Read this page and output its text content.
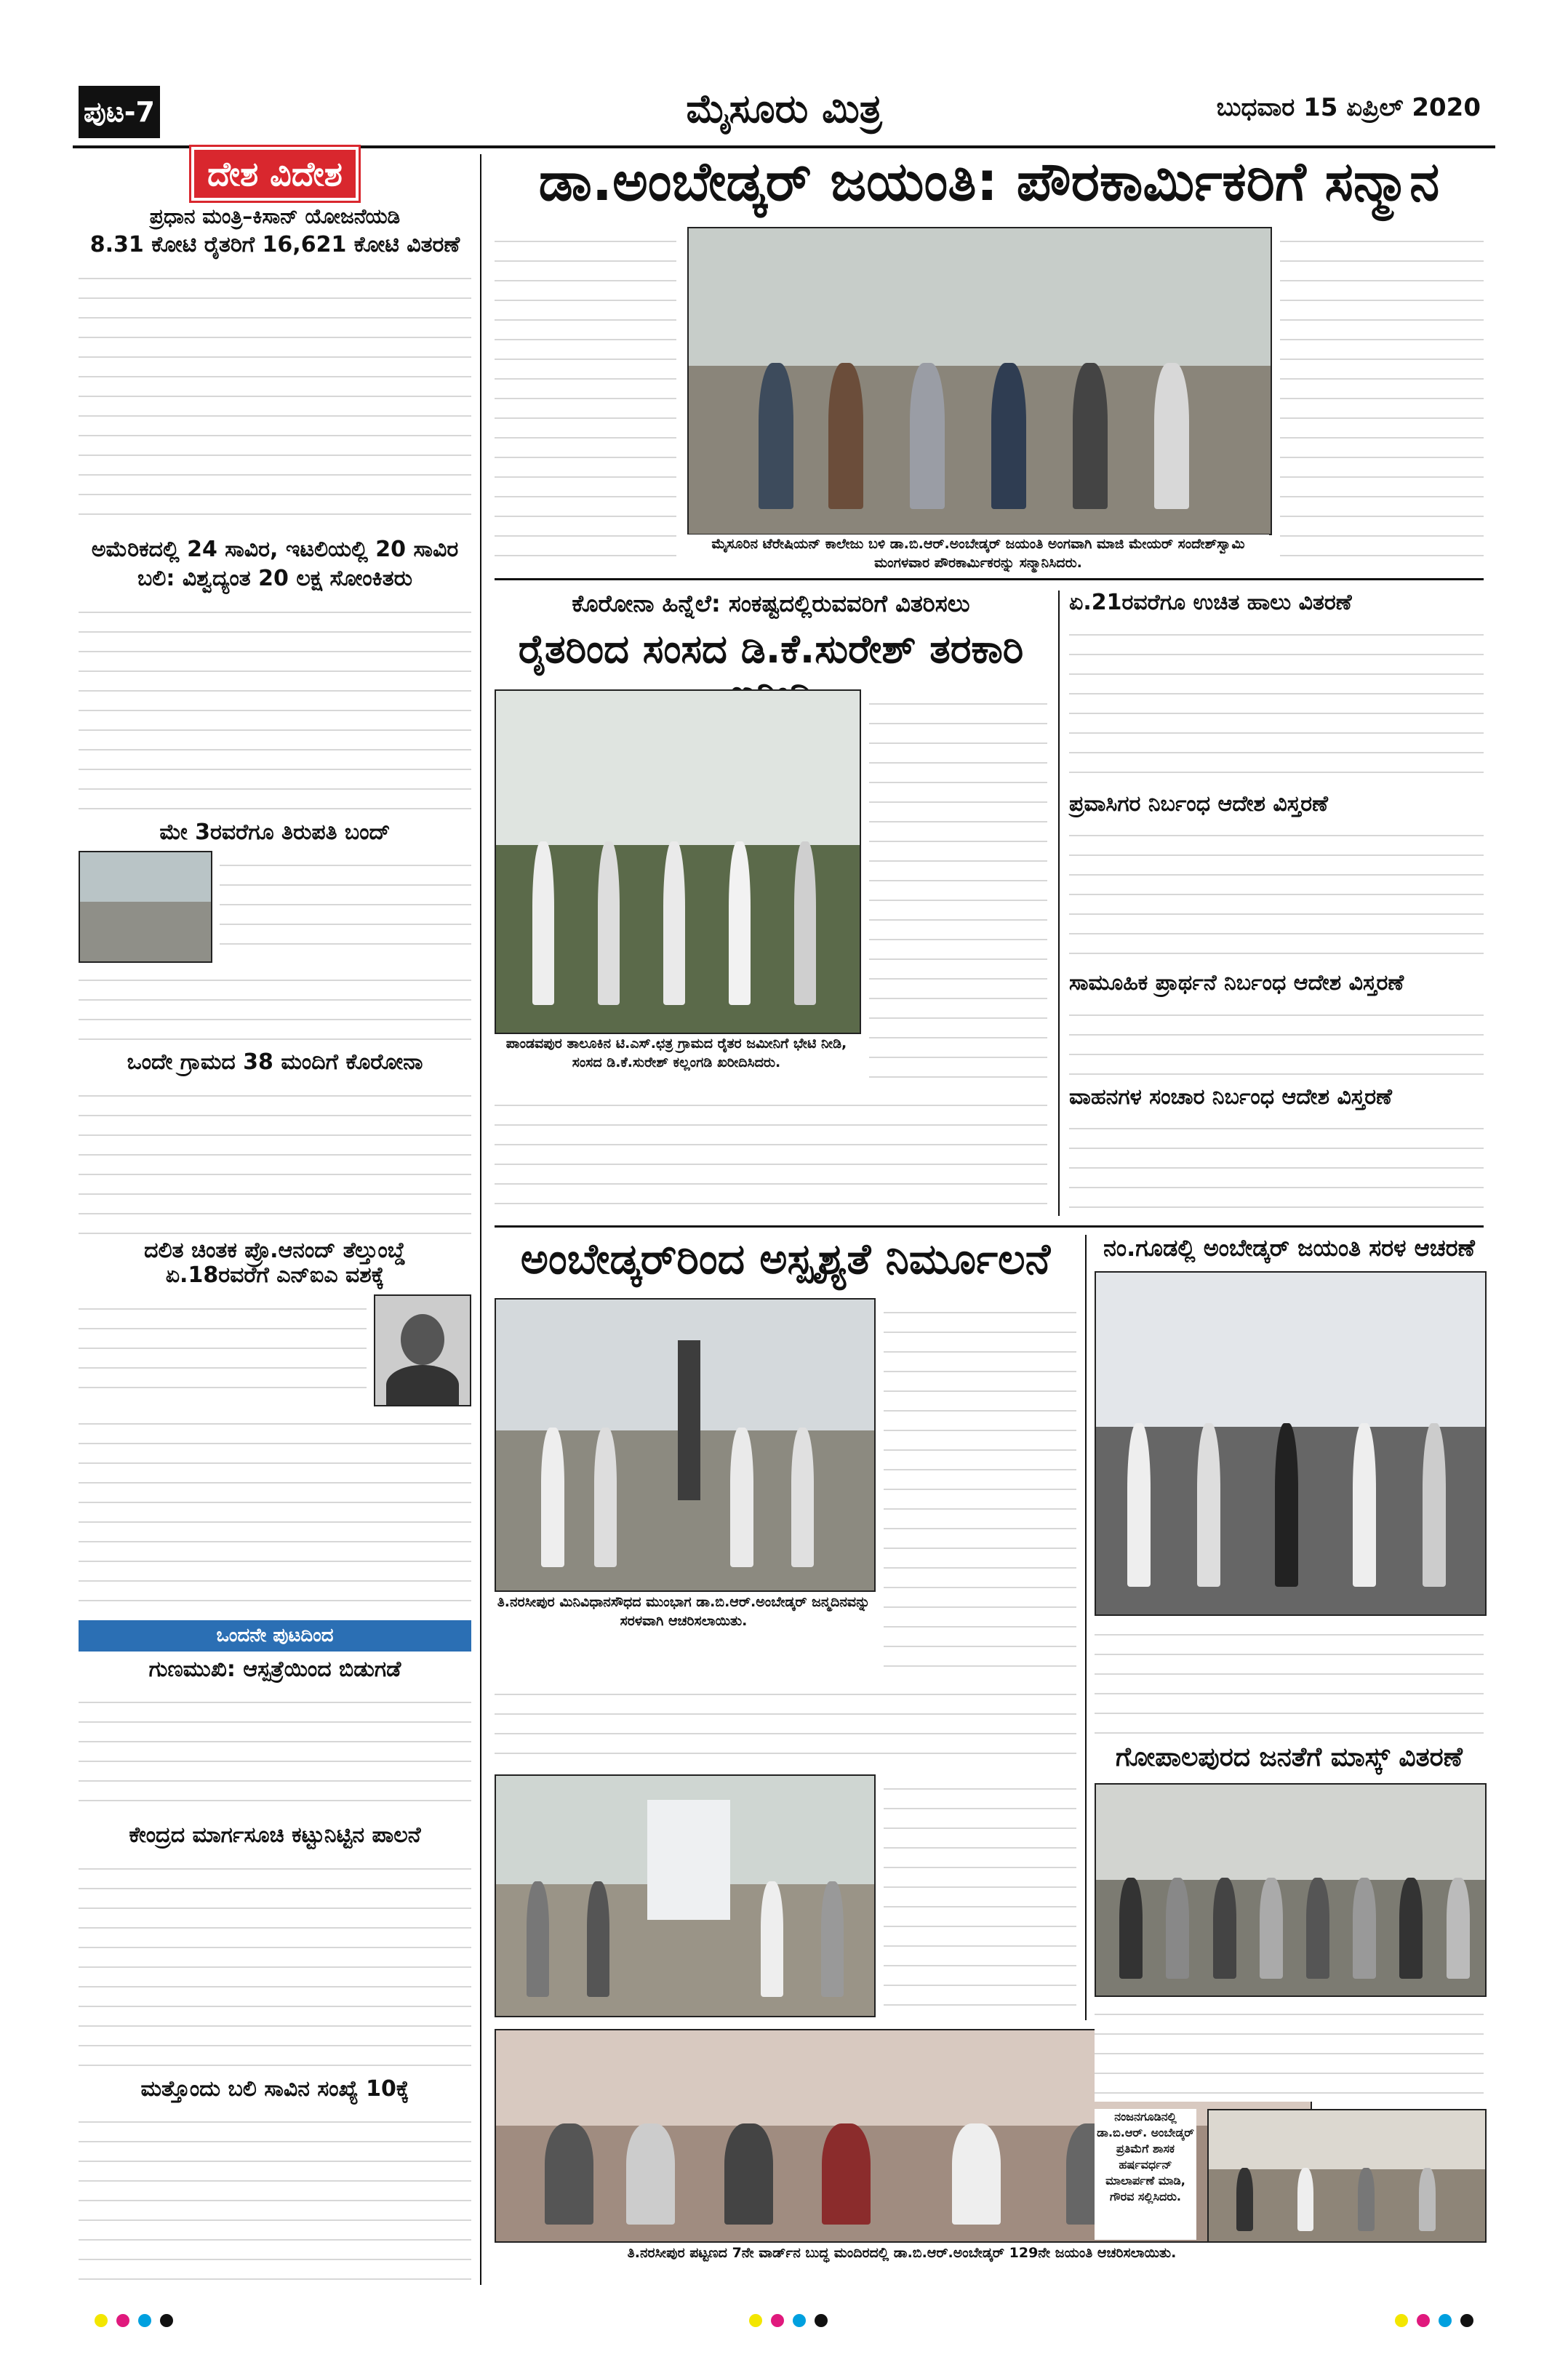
ಪುಟ-7	ಮೈಸೂರು ಮಿತ್ರ	ಬುಧವಾರ 15 ಏಪ್ರಿಲ್ 2020
ದೇಶ ವಿದೇಶ
ಪ್ರಧಾನ ಮಂತ್ರಿ–ಕಿಸಾನ್ ಯೋಜನೆಯಡಿ
8.31 ಕೋಟಿ ರೈತರಿಗೆ 16,621 ಕೋಟಿ ವಿತರಣೆ
ಅಮೆರಿಕದಲ್ಲಿ 24 ಸಾವಿರ, ಇಟಲಿಯಲ್ಲಿ 20 ಸಾವಿರ
ಬಲಿ: ವಿಶ್ವದ್ಯಂತ 20 ಲಕ್ಷ ಸೋಂಕಿತರು
ಮೇ 3ರವರೆಗೂ ತಿರುಪತಿ ಬಂದ್
ಒಂದೇ ಗ್ರಾಮದ 38 ಮಂದಿಗೆ ಕೊರೋನಾ
ದಲಿತ ಚಿಂತಕ ಪ್ರೊ.ಆನಂದ್ ತೆಲ್ತುಂಬ್ಡೆ
ಏ.18ರವರೆಗೆ ಎನ್‌ಐಎ ವಶಕ್ಕೆ
ಒಂದನೇ ಪುಟದಿಂದ
ಗುಣಮುಖಿ: ಆಸ್ಪತ್ರೆಯಿಂದ ಬಿಡುಗಡೆ
ಕೇಂದ್ರದ ಮಾರ್ಗಸೂಚಿ ಕಟ್ಟುನಿಟ್ಟಿನ ಪಾಲನೆ
ಮತ್ತೊಂದು ಬಲಿ ಸಾವಿನ ಸಂಖ್ಯೆ 10ಕ್ಕೆ
ಡಾ.ಅಂಬೇಡ್ಕರ್ ಜಯಂತಿ: ಪೌರಕಾರ್ಮಿಕರಿಗೆ ಸನ್ಮಾನ
ಮೈಸೂರಿನ ಟೆರೇಷಿಯನ್ ಕಾಲೇಜು ಬಳಿ ಡಾ.ಬಿ.ಆರ್.ಅಂಬೇಡ್ಕರ್ ಜಯಂತಿ ಅಂಗವಾಗಿ ಮಾಜಿ ಮೇಯರ್ ಸಂದೇಶ್‌ಸ್ವಾಮಿ ಮಂಗಳವಾರ ಪೌರಕಾರ್ಮಿಕರನ್ನು ಸನ್ಮಾನಿಸಿದರು.
ಕೊರೋನಾ ಹಿನ್ನೆಲೆ: ಸಂಕಷ್ಟದಲ್ಲಿರುವವರಿಗೆ ವಿತರಿಸಲು
ರೈತರಿಂದ ಸಂಸದ ಡಿ.ಕೆ.ಸುರೇಶ್ ತರಕಾರಿ
ಪಾಂಡವಪುರ ತಾಲೂಕಿನ ಟಿ.ಎಸ್.ಛತ್ರ ಗ್ರಾಮದ ರೈತರ ಜಮೀನಿಗೆ ಭೇಟಿ ನೀಡಿ, ಸಂಸದ ಡಿ.ಕೆ.ಸುರೇಶ್ ಕಲ್ಲಂಗಡಿ ಖರೀದಿಸಿದರು.
ಏ.21ರವರೆಗೂ ಉಚಿತ ಹಾಲು ವಿತರಣೆ
ಪ್ರವಾಸಿಗರ ನಿರ್ಬಂಧ ಆದೇಶ ವಿಸ್ತರಣೆ
ಸಾಮೂಹಿಕ ಪ್ರಾರ್ಥನೆ ನಿರ್ಬಂಧ ಆದೇಶ ವಿಸ್ತರಣೆ
ವಾಹನಗಳ ಸಂಚಾರ ನಿರ್ಬಂಧ ಆದೇಶ ವಿಸ್ತರಣೆ
ಅಂಬೇಡ್ಕರ್‌ರಿಂದ ಅಸ್ಪೃಶ್ಯತೆ ನಿರ್ಮೂಲನೆ
ತಿ.ನರಸೀಪುರ ಮಿನಿವಿಧಾನಸೌಧದ ಮುಂಭಾಗ ಡಾ.ಬಿ.ಆರ್.ಅಂಬೇಡ್ಕರ್ ಜನ್ಮದಿನವನ್ನು ಸರಳವಾಗಿ ಆಚರಿಸಲಾಯಿತು.
ತಿ.ನರಸೀಪುರ ಪಟ್ಟಣದ 7ನೇ ವಾರ್ಡ್‌ನ ಬುದ್ಧ ಮಂದಿರದಲ್ಲಿ ಡಾ.ಬಿ.ಆರ್.ಅಂಬೇಡ್ಕರ್ 129ನೇ ಜಯಂತಿ ಆಚರಿಸಲಾಯಿತು.
ನಂ.ಗೂಡಲ್ಲಿ ಅಂಬೇಡ್ಕರ್ ಜಯಂತಿ ಸರಳ ಆಚರಣೆ
ಗೋಪಾಲಪುರದ ಜನತೆಗೆ ಮಾಸ್ಕ್ ವಿತರಣೆ
ನಂಜನಗೂಡಿನಲ್ಲಿ ಡಾ.ಬಿ.ಆರ್. ಅಂಬೇಡ್ಕರ್ ಪ್ರತಿಮೆಗೆ ಶಾಸಕ ಹರ್ಷವರ್ಧನ್ ಮಾಲಾರ್ಪಣೆ ಮಾಡಿ, ಗೌರವ ಸಲ್ಲಿಸಿದರು.
